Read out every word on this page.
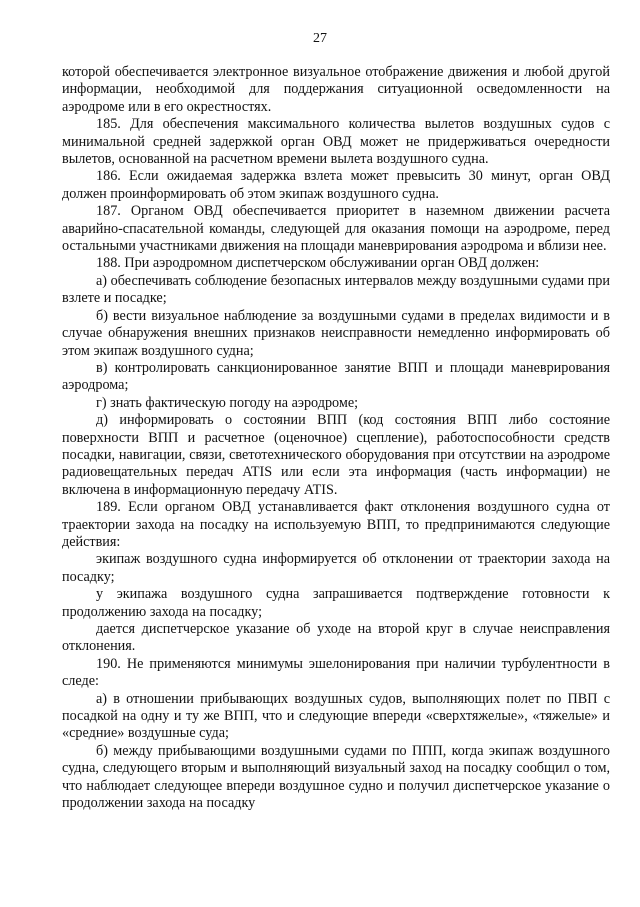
27

которой обеспечивается электронное визуальное отображение движения и любой другой информации, необходимой для поддержания ситуационной осведомленности на аэродроме или в его окрестностях.

185. Для обеспечения максимального количества вылетов воздушных судов с минимальной средней задержкой орган ОВД может не придерживаться очередности вылетов, основанной на расчетном времени вылета воздушного судна.

186. Если ожидаемая задержка взлета может превысить 30 минут, орган ОВД должен проинформировать об этом экипаж воздушного судна.

187. Органом ОВД обеспечивается приоритет в наземном движении расчета аварийно-спасательной команды, следующей для оказания помощи на аэродроме, перед остальными участниками движения на площади маневрирования аэродрома и вблизи нее.

188. При аэродромном диспетчерском обслуживании орган ОВД должен:

а) обеспечивать соблюдение безопасных интервалов между воздушными судами при взлете и посадке;

б) вести визуальное наблюдение за воздушными судами в пределах видимости и в случае обнаружения внешних признаков неисправности немедленно информировать об этом экипаж воздушного судна;

в) контролировать санкционированное занятие ВПП и площади маневрирования аэродрома;

г) знать фактическую погоду на аэродроме;

д) информировать о состоянии ВПП (код состояния ВПП либо состояние поверхности ВПП и расчетное (оценочное) сцепление), работоспособности средств посадки, навигации, связи, светотехнического оборудования при отсутствии на аэродроме радиовещательных передач ATIS или если эта информация (часть информации) не включена в информационную передачу ATIS.

189. Если органом ОВД устанавливается факт отклонения воздушного судна от траектории захода на посадку на используемую ВПП, то предпринимаются следующие действия:

экипаж воздушного судна информируется об отклонении от траектории захода на посадку;

у экипажа воздушного судна запрашивается подтверждение готовности к продолжению захода на посадку;

дается диспетчерское указание об уходе на второй круг в случае неисправления отклонения.

190. Не применяются минимумы эшелонирования при наличии турбулентности в следе:

а) в отношении прибывающих воздушных судов, выполняющих полет по ПВП с посадкой на одну и ту же ВПП, что и следующие впереди «сверхтяжелые», «тяжелые» и «средние» воздушные суда;

б) между прибывающими воздушными судами по ППП, когда экипаж воздушного судна, следующего вторым и выполняющий визуальный заход на посадку сообщил о том, что наблюдает следующее впереди воздушное судно и получил диспетчерское указание о продолжении захода на посадку
